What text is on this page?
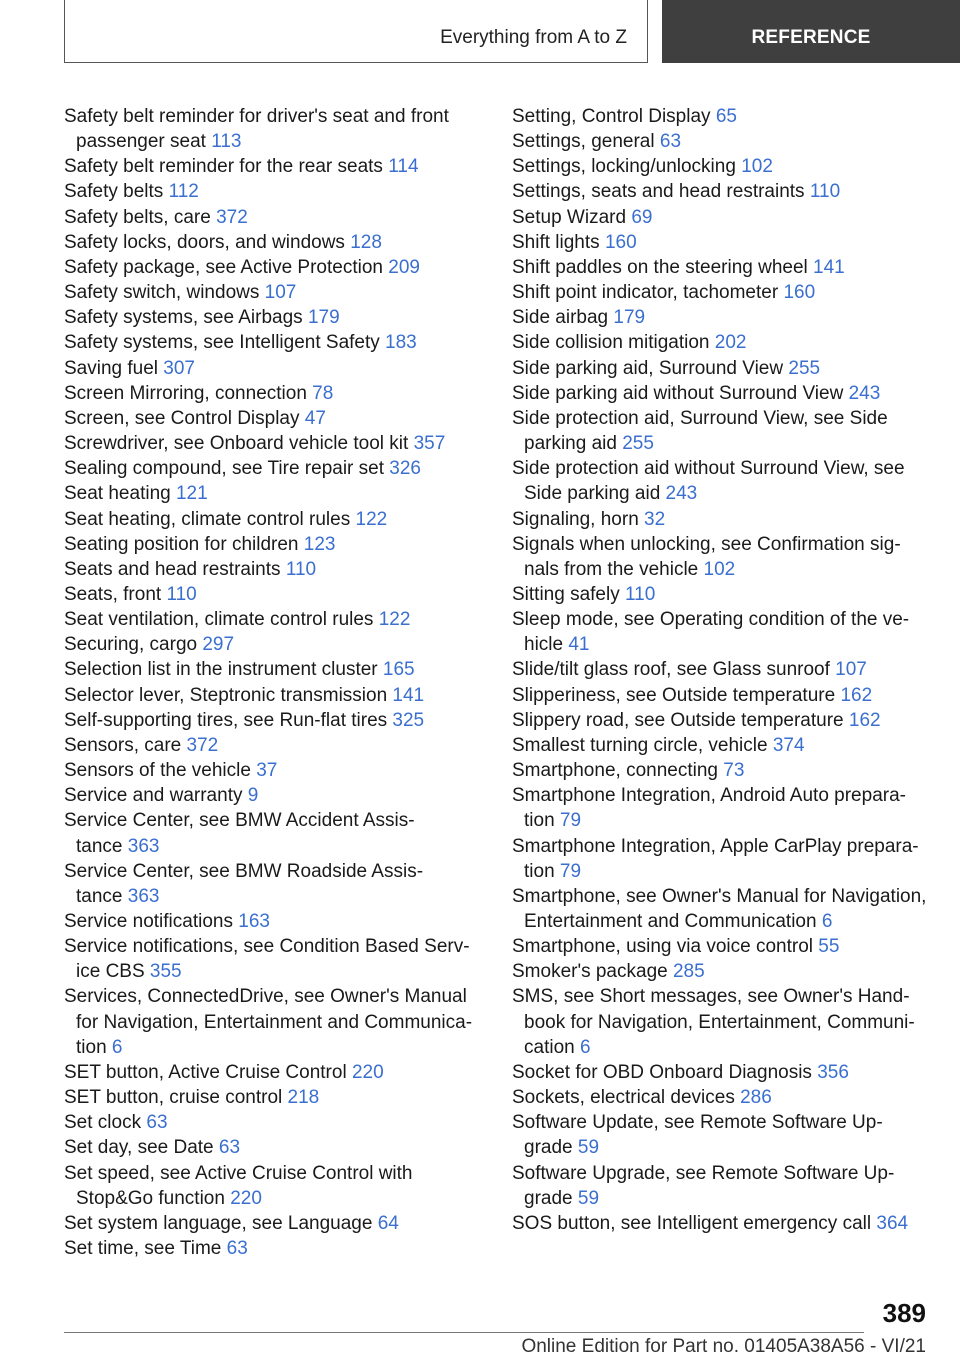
Everything from A to Z	REFERENCE
Safety belt reminder for driver's seat and front
passenger seat 113
Safety belt reminder for the rear seats 114
Safety belts 112
Safety belts, care 372
Safety locks, doors, and windows 128
Safety package, see Active Protection 209
Safety switch, windows 107
Safety systems, see Airbags 179
Safety systems, see Intelligent Safety 183
Saving fuel 307
Screen Mirroring, connection 78
Screen, see Control Display 47
Screwdriver, see Onboard vehicle tool kit 357
Sealing compound, see Tire repair set 326
Seat heating 121
Seat heating, climate control rules 122
Seating position for children 123
Seats and head restraints 110
Seats, front 110
Seat ventilation, climate control rules 122
Securing, cargo 297
Selection list in the instrument cluster 165
Selector lever, Steptronic transmission 141
Self-supporting tires, see Run-flat tires 325
Sensors, care 372
Sensors of the vehicle 37
Service and warranty 9
Service Center, see BMW Accident Assis-
tance 363
Service Center, see BMW Roadside Assis-
tance 363
Service notifications 163
Service notifications, see Condition Based Serv-
ice CBS 355
Services, ConnectedDrive, see Owner's Manual
for Navigation, Entertainment and Communica-
tion 6
SET button, Active Cruise Control 220
SET button, cruise control 218
Set clock 63
Set day, see Date 63
Set speed, see Active Cruise Control with
Stop&Go function 220
Set system language, see Language 64
Set time, see Time 63
Setting, Control Display 65
Settings, general 63
Settings, locking/unlocking 102
Settings, seats and head restraints 110
Setup Wizard 69
Shift lights 160
Shift paddles on the steering wheel 141
Shift point indicator, tachometer 160
Side airbag 179
Side collision mitigation 202
Side parking aid, Surround View 255
Side parking aid without Surround View 243
Side protection aid, Surround View, see Side
parking aid 255
Side protection aid without Surround View, see
Side parking aid 243
Signaling, horn 32
Signals when unlocking, see Confirmation sig-
nals from the vehicle 102
Sitting safely 110
Sleep mode, see Operating condition of the ve-
hicle 41
Slide/tilt glass roof, see Glass sunroof 107
Slipperiness, see Outside temperature 162
Slippery road, see Outside temperature 162
Smallest turning circle, vehicle 374
Smartphone, connecting 73
Smartphone Integration, Android Auto prepara-
tion 79
Smartphone Integration, Apple CarPlay prepara-
tion 79
Smartphone, see Owner's Manual for Navigation,
Entertainment and Communication 6
Smartphone, using via voice control 55
Smoker's package 285
SMS, see Short messages, see Owner's Hand-
book for Navigation, Entertainment, Communi-
cation 6
Socket for OBD Onboard Diagnosis 356
Sockets, electrical devices 286
Software Update, see Remote Software Up-
grade 59
Software Upgrade, see Remote Software Up-
grade 59
SOS button, see Intelligent emergency call 364
389
Online Edition for Part no. 01405A38A56 - VI/21
